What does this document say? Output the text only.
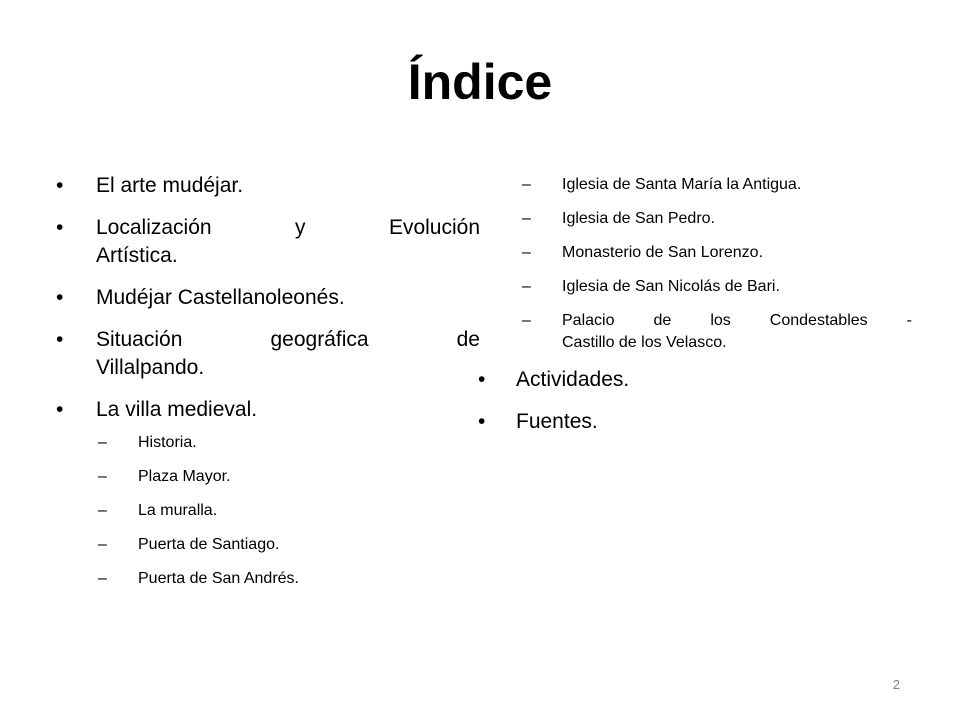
Índice
• El arte mudéjar.
• Localización y Evolución
Artística.
• Mudéjar Castellanoleonés.
• Situación geográfica de
Villalpando.
• La villa medieval.
– Historia.
– Plaza Mayor.
– La muralla.
– Puerta de Santiago.
– Puerta de San Andrés.
– Iglesia de Santa María la Antigua.
– Iglesia de San Pedro.
– Monasterio de San Lorenzo.
– Iglesia de San Nicolás de Bari.
– Palacio de los Condestables -
Castillo de los Velasco.
• Actividades.
• Fuentes.
2
